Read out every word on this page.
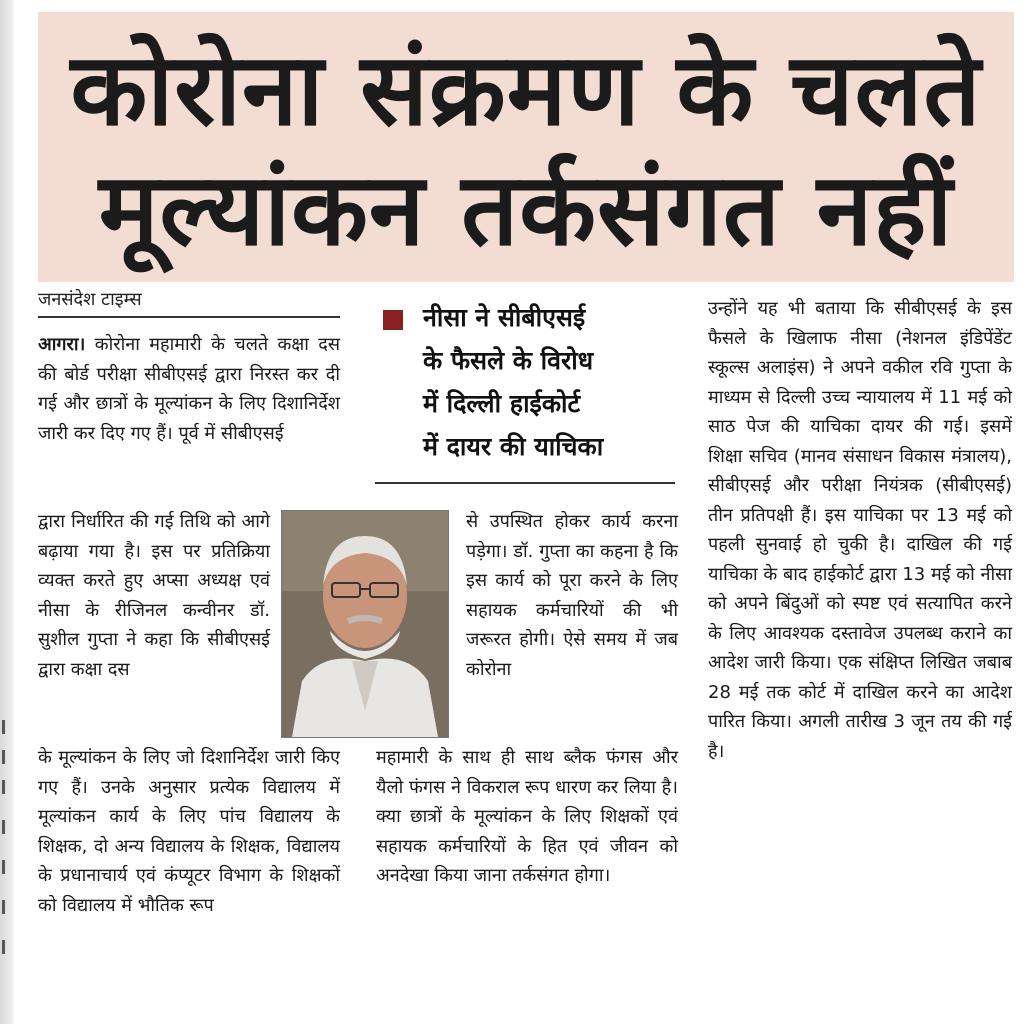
कोरोना संक्रमण के चलते
मूल्यांकन तर्कसंगत नहीं
जनसंदेश टाइम्स

आगरा। कोरोना महामारी के चलते कक्षा दस की बोर्ड परीक्षा सीबीएसई द्वारा निरस्त कर दी गई और छात्रों के मूल्यांकन के लिए दिशानिर्देश जारी कर दिए गए हैं। पूर्व में सीबीएसई

द्वारा निर्धारित की गई तिथि को आगे बढ़ाया गया है। इस पर प्रतिक्रिया व्यक्त करते हुए अप्सा अध्यक्ष एवं नीसा के रीजिनल कन्वीनर डॉ. सुशील गुप्ता ने कहा कि सीबीएसई द्वारा कक्षा दस

के मूल्यांकन के लिए जो दिशानिर्देश जारी किए गए हैं। उनके अनुसार प्रत्येक विद्यालय में मूल्यांकन कार्य के लिए पांच विद्यालय के शिक्षक, दो अन्य विद्यालय के शिक्षक, विद्यालय के प्रधानाचार्य एवं कंप्यूटर विभाग के शिक्षकों को विद्यालय में भौतिक रूप

नीसा ने सीबीएसई
के फैसले के विरोध
में दिल्ली हाईकोर्ट
में दायर की याचिका

से उपस्थित होकर कार्य करना पड़ेगा। डॉ. गुप्ता का कहना है कि इस कार्य को पूरा करने के लिए सहायक कर्मचारियों की भी जरूरत होगी। ऐसे समय में जब कोरोना

महामारी के साथ ही साथ ब्लैक फंगस और यैलो फंगस ने विकराल रूप धारण कर लिया है। क्या छात्रों के मूल्यांकन के लिए शिक्षकों एवं सहायक कर्मचारियों के हित एवं जीवन को अनदेखा किया जाना तर्कसंगत होगा।

उन्होंने यह भी बताया कि सीबीएसई के इस फैसले के खिलाफ नीसा (नेशनल इंडिपेंडेंट स्कूल्स अलाइंस) ने अपने वकील रवि गुप्ता के माध्यम से दिल्ली उच्च न्यायालय में 11 मई को साठ पेज की याचिका दायर की गई। इसमें शिक्षा सचिव (मानव संसाधन विकास मंत्रालय), सीबीएसई और परीक्षा नियंत्रक (सीबीएसई) तीन प्रतिपक्षी हैं। इस याचिका पर 13 मई को पहली सुनवाई हो चुकी है। दाखिल की गई याचिका के बाद हाईकोर्ट द्वारा 13 मई को नीसा को अपने बिंदुओं को स्पष्ट एवं सत्यापित करने के लिए आवश्यक दस्तावेज उपलब्ध कराने का आदेश जारी किया। एक संक्षिप्त लिखित जबाब 28 मई तक कोर्ट में दाखिल करने का आदेश पारित किया। अगली तारीख 3 जून तय की गई है।
